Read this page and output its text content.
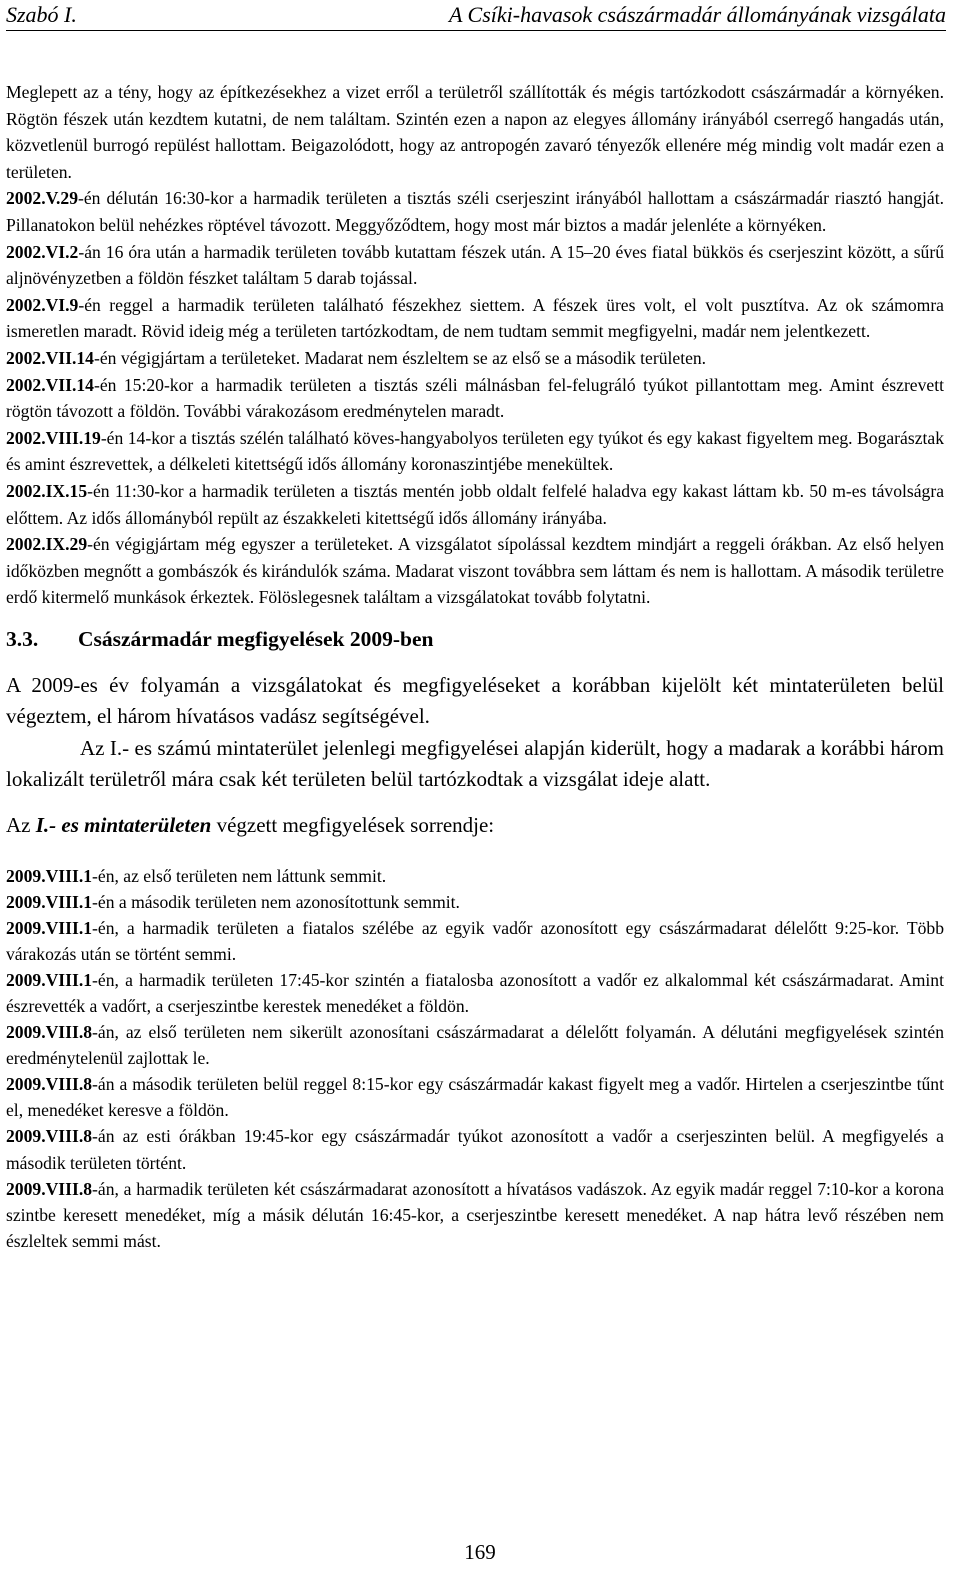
Szabó I.	A Csíki-havasok császármadár állományának vizsgálata

Meglepett az a tény, hogy az építkezésekhez a vizet erről a területről szállították és mégis tartózkodott császármadár a környéken. Rögtön fészek után kezdtem kutatni, de nem találtam. Szintén ezen a napon az elegyes állomány irányából cserregő hangadás után, közvetlenül burrogó repülést hallottam. Beigazolódott, hogy az antropogén zavaró tényezők ellenére még mindig volt madár ezen a területen.

2002.V.29-én délután 16:30-kor a harmadik területen a tisztás széli cserjeszint irányából hallottam a császármadár riasztó hangját. Pillanatokon belül nehézkes röptével távozott. Meggyőződtem, hogy most már biztos a madár jelenléte a környéken.

2002.VI.2-án 16 óra után a harmadik területen tovább kutattam fészek után. A 15–20 éves fiatal bükkös és cserjeszint között, a sűrű aljnövényzetben a földön fészket találtam 5 darab tojással.

2002.VI.9-én reggel a harmadik területen található fészekhez siettem. A fészek üres volt, el volt pusztítva. Az ok számomra ismeretlen maradt. Rövid ideig még a területen tartózkodtam, de nem tudtam semmit megfigyelni, madár nem jelentkezett.

2002.VII.14-én végigjártam a területeket. Madarat nem észleltem se az első se a második területen.

2002.VII.14-én 15:20-kor a harmadik területen a tisztás széli málnásban fel-felugráló tyúkot pillantottam meg. Amint észrevett rögtön távozott a földön. További várakozásom eredménytelen maradt.

2002.VIII.19-én 14-kor a tisztás szélén található köves-hangyabolyos területen egy tyúkot és egy kakast figyeltem meg. Bogarásztak és amint észrevettek, a délkeleti kitettségű idős állomány koronaszintjébe menekültek.

2002.IX.15-én 11:30-kor a harmadik területen a tisztás mentén jobb oldalt felfelé haladva egy kakast láttam kb. 50 m-es távolságra előttem. Az idős állományból repült az északkeleti kitettségű idős állomány irányába.

2002.IX.29-én végigjártam még egyszer a területeket. A vizsgálatot sípolással kezdtem mindjárt a reggeli órákban. Az első helyen időközben megnőtt a gombászók és kirándulók száma. Madarat viszont továbbra sem láttam és nem is hallottam. A második területre erdő kitermelő munkások érkeztek. Fölöslegesnek találtam a vizsgálatokat tovább folytatni.

3.3. Császármadár megfigyelések 2009-ben

A 2009-es év folyamán a vizsgálatokat és megfigyeléseket a korábban kijelölt két mintaterületen belül végeztem, el három hívatásos vadász segítségével.

Az I.- es számú mintaterület jelenlegi megfigyelései alapján kiderült, hogy a madarak a korábbi három lokalizált területről mára csak két területen belül tartózkodtak a vizsgálat ideje alatt.

Az I.- es mintaterületen végzett megfigyelések sorrendje:

2009.VIII.1-én, az első területen nem láttunk semmit.

2009.VIII.1-én a második területen nem azonosítottunk semmit.

2009.VIII.1-én, a harmadik területen a fiatalos szélébe az egyik vadőr azonosított egy császármadarat délelőtt 9:25-kor. Több várakozás után se történt semmi.

2009.VIII.1-én, a harmadik területen 17:45-kor szintén a fiatalosba azonosított a vadőr ez alkalommal két császármadarat. Amint észrevették a vadőrt, a cserjeszintbe kerestek menedéket a földön.

2009.VIII.8-án, az első területen nem sikerült azonosítani császármadarat a délelőtt folyamán. A délutáni megfigyelések szintén eredménytelenül zajlottak le.

2009.VIII.8-án a második területen belül reggel 8:15-kor egy császármadár kakast figyelt meg a vadőr. Hirtelen a cserjeszintbe tűnt el, menedéket keresve a földön.

2009.VIII.8-án az esti órákban 19:45-kor egy császármadár tyúkot azonosított a vadőr a cserjeszinten belül. A megfigyelés a második területen történt.

2009.VIII.8-án, a harmadik területen két császármadarat azonosított a hívatásos vadászok. Az egyik madár reggel 7:10-kor a korona szintbe keresett menedéket, míg a másik délután 16:45-kor, a cserjeszintbe keresett menedéket. A nap hátra levő részében nem észleltek semmi mást.

169
